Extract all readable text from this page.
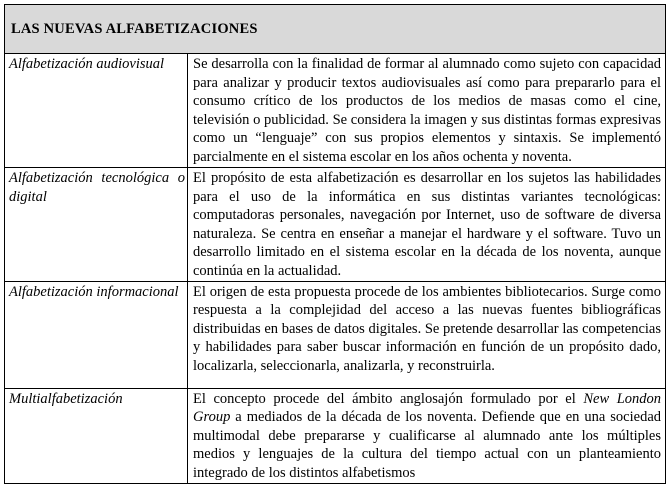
LAS NUEVAS ALFABETIZACIONES	
Alfabetización audiovisual	Se desarrolla con la finalidad de formar al alumnado como sujeto con capacidad para analizar y producir textos audiovisuales así como para prepararlo para el consumo crítico de los productos de los medios de masas como el cine, televisión o publicidad. Se considera la imagen y sus distintas formas expresivas como un “lenguaje” con sus propios elementos y sintaxis. Se implementó parcialmente en el sistema escolar en los años ochenta y noventa.
Alfabetización tecnológica o digital	El propósito de esta alfabetización es desarrollar en los sujetos las habilidades para el uso de la informática en sus distintas variantes tecnológicas: computadoras personales, navegación por Internet, uso de software de diversa naturaleza. Se centra en enseñar a manejar el hardware y el software. Tuvo un desarrollo limitado en el sistema escolar en la década de los noventa, aunque continúa en la actualidad.
Alfabetización informacional	El origen de esta propuesta procede de los ambientes bibliotecarios. Surge como respuesta a la complejidad del acceso a las nuevas fuentes bibliográficas distribuidas en bases de datos digitales. Se pretende desarrollar las competencias y habilidades para saber buscar información en función de un propósito dado, localizarla, seleccionarla, analizarla, y reconstruirla.
Multialfabetización	El concepto procede del ámbito anglosajón formulado por el New London Group a mediados de la década de los noventa. Defiende que en una sociedad multimodal debe prepararse y cualificarse al alumnado ante los múltiples medios y lenguajes de la cultura del tiempo actual con un planteamiento integrado de los distintos alfabetismos
